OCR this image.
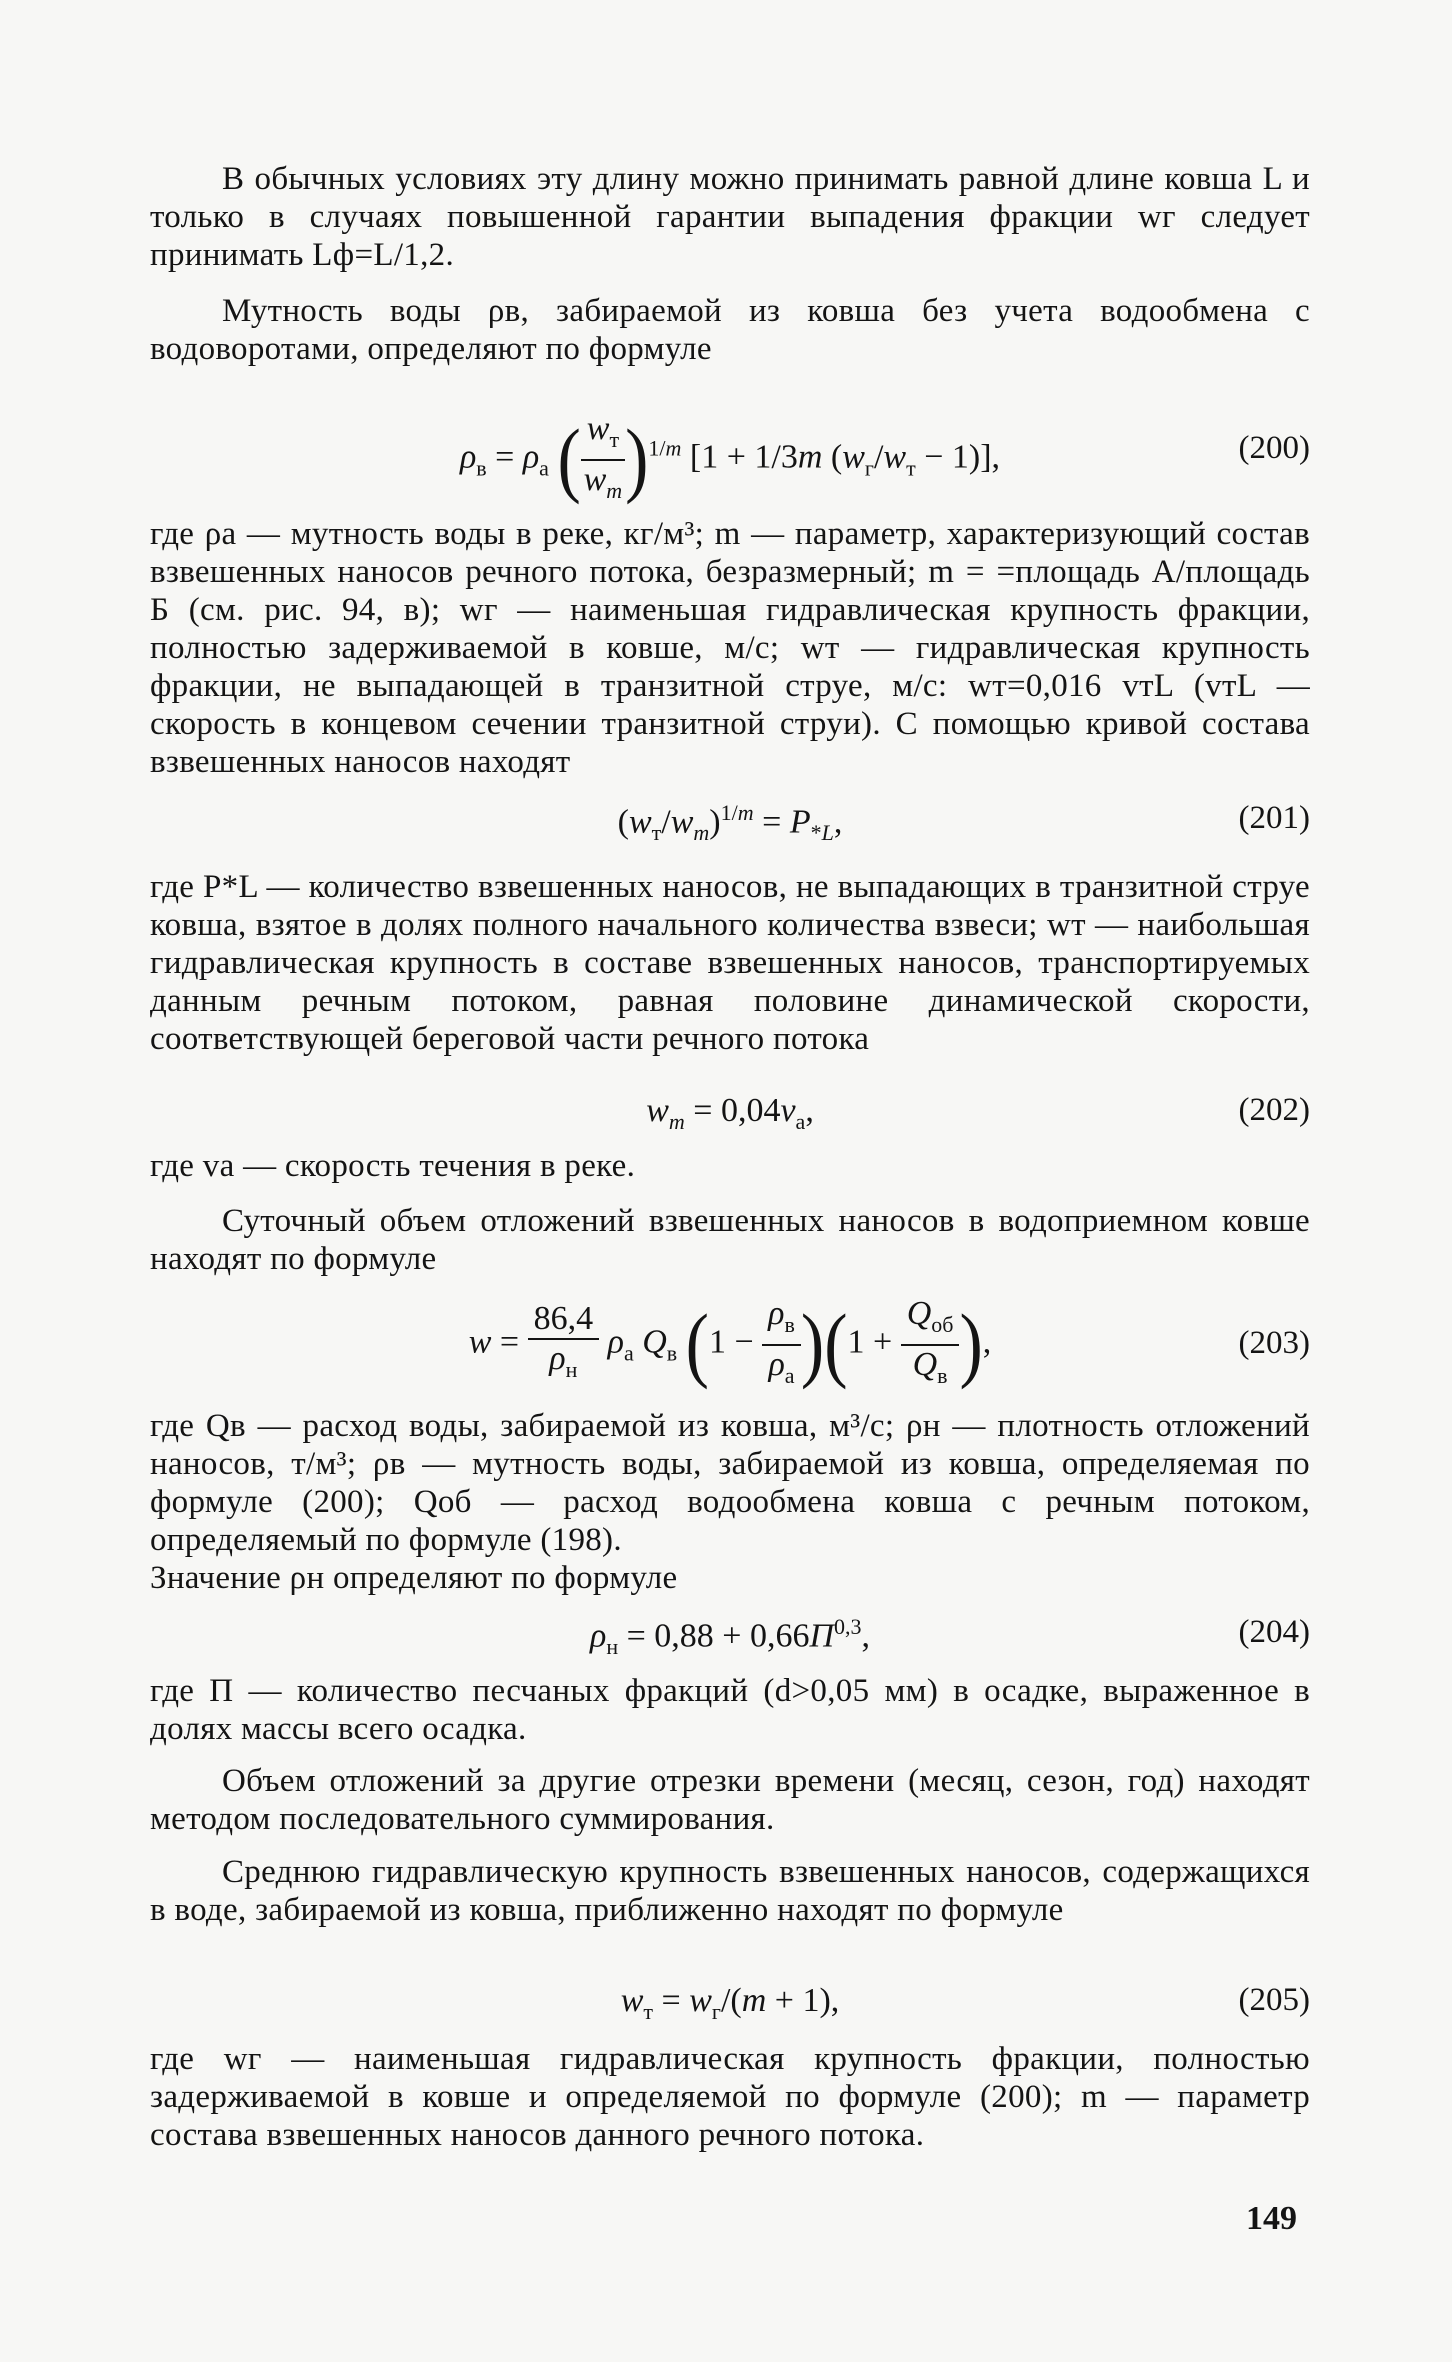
В обычных условиях эту длину можно принимать равной длине ковша L и только в случаях повышенной гарантии выпадения фракции wг следует принимать Lф=L/1,2.

Мутность воды ρв, забираемой из ковша без учета водообмена с водоворотами, определяют по формуле

$\rho_в = \rho_а$ ( $\frac{w_т}{w_m} )^{1/m}$ [1 + 1/3m $(w_г/w_т - 1)$],	(200)

где ρа — мутность воды в реке, кг/м³; m — параметр, характеризующий состав взвешенных наносов речного потока, безразмерный; m = =площадь А/площадь Б (см. рис. 94, в); wг — наименьшая гидравлическая крупность фракции, полностью задерживаемой в ковше, м/с; wт — гидравлическая крупность фракции, не выпадающей в транзитной струе, м/с: wт=0,016 vтL (vтL — скорость в концевом сечении транзитной струи). С помощью кривой состава взвешенных наносов находят

$(w_т/w_m)^{1/m} = P_{*L}$,	(201)

где P*L — количество взвешенных наносов, не выпадающих в транзитной струе ковша, взятое в долях полного начального количества взвеси; wт — наибольшая гидравлическая крупность в составе взвешенных наносов, транспортируемых данным речным потоком, равная половине динамической скорости, соответствующей береговой части речного потока

$w_m = 0,04v_а$,	(202)

где vа — скорость течения в реке.

Суточный объем отложений взвешенных наносов в водоприемном ковше находят по формуле

$w = \frac{86,4}{\rho_н} \rho_а$ $Q_в$ $(1 - \frac{\rho_в}{\rho_а} )(1 + \frac{Q_{об}}{Q_в}$ ),	(203)

где Qв — расход воды, забираемой из ковша, м³/с; ρн — плотность отложений наносов, т/м³; ρв — мутность воды, забираемой из ковша, определяемая по формуле (200); Qоб — расход водообмена ковша с речным потоком, определяемый по формуле (198).

Значение ρн определяют по формуле

$\rho_н = 0,88 + 0,66П^{0,3}$,	(204)

где П — количество песчаных фракций (d>0,05 мм) в осадке, выраженное в долях массы всего осадка.

Объем отложений за другие отрезки времени (месяц, сезон, год) находят методом последовательного суммирования.

Среднюю гидравлическую крупность взвешенных наносов, содержащихся в воде, забираемой из ковша, приближенно находят по формуле

$w_т = w_г/(m + 1)$,	(205)

где wг — наименьшая гидравлическая крупность фракции, полностью задерживаемой в ковше и определяемой по формуле (200); m — параметр состава взвешенных наносов данного речного потока.

149
